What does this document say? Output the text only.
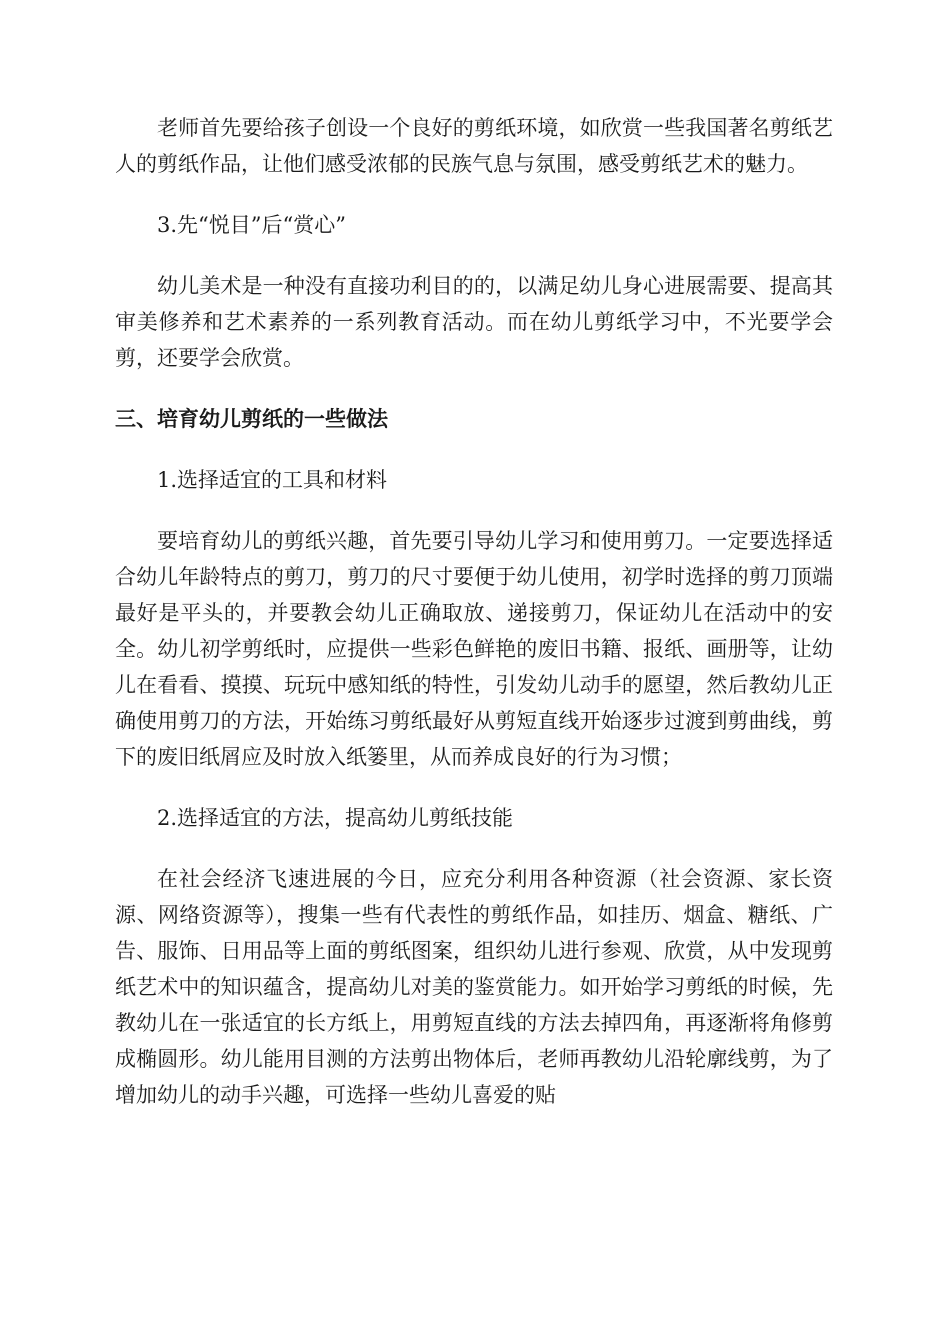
老师首先要给孩子创设一个良好的剪纸环境，如欣赏一些我国著名剪纸艺人的剪纸作品，让他们感受浓郁的民族气息与氛围，感受剪纸艺术的魅力。

3.先“悦目”后“赏心”

幼儿美术是一种没有直接功利目的的，以满足幼儿身心进展需要、提高其审美修养和艺术素养的一系列教育活动。而在幼儿剪纸学习中，不光要学会剪，还要学会欣赏。

三、培育幼儿剪纸的一些做法

1.选择适宜的工具和材料

要培育幼儿的剪纸兴趣，首先要引导幼儿学习和使用剪刀。一定要选择适合幼儿年龄特点的剪刀，剪刀的尺寸要便于幼儿使用，初学时选择的剪刀顶端最好是平头的，并要教会幼儿正确取放、递接剪刀，保证幼儿在活动中的安全。幼儿初学剪纸时，应提供一些彩色鲜艳的废旧书籍、报纸、画册等，让幼儿在看看、摸摸、玩玩中感知纸的特性，引发幼儿动手的愿望，然后教幼儿正确使用剪刀的方法，开始练习剪纸最好从剪短直线开始逐步过渡到剪曲线，剪下的废旧纸屑应及时放入纸篓里，从而养成良好的行为习惯；

2.选择适宜的方法，提高幼儿剪纸技能

在社会经济飞速进展的今日，应充分利用各种资源（社会资源、家长资源、网络资源等），搜集一些有代表性的剪纸作品，如挂历、烟盒、糖纸、广告、服饰、日用品等上面的剪纸图案，组织幼儿进行参观、欣赏，从中发现剪纸艺术中的知识蕴含，提高幼儿对美的鉴赏能力。如开始学习剪纸的时候，先教幼儿在一张适宜的长方纸上，用剪短直线的方法去掉四角，再逐渐将角修剪成椭圆形。幼儿能用目测的方法剪出物体后，老师再教幼儿沿轮廓线剪，为了增加幼儿的动手兴趣，可选择一些幼儿喜爱的贴
